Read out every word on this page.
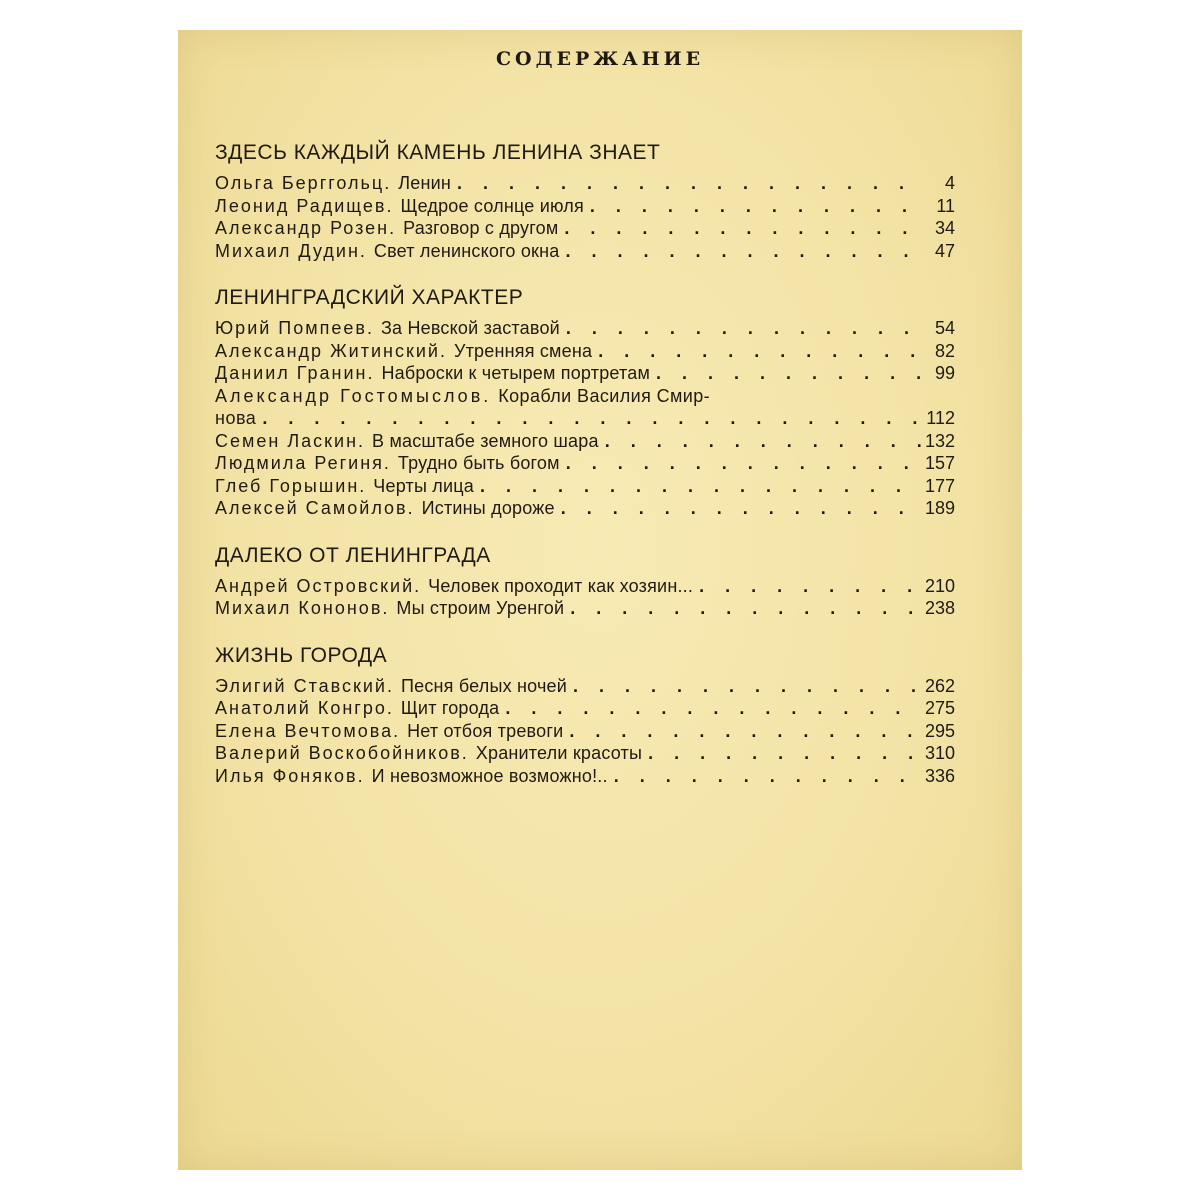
СОДЕРЖАНИЕ
ЗДЕСЬ КАЖДЫЙ КАМЕНЬ ЛЕНИНА ЗНАЕТ
Ольга Берггольц. Ленин . . .	4
Леонид Радищев. Щедрое солнце июля . . .	11
Александр Розен. Разговор с другом . . .	34
Михаил Дудин. Свет ленинского окна . . .	47
ЛЕНИНГРАДСКИЙ ХАРАКТЕР
Юрий Помпеев. За Невской заставой . . .	54
Александр Житинский. Утренняя смена . . .	82
Даниил Гранин. Наброски к четырем портретам . . .	99
Александр Гостомыслов. Корабли Василия Смир-
нова . . .	112
Семен Ласкин. В масштабе земного шара . . .	132
Людмила Региня. Трудно быть богом . . .	157
Глеб Горышин. Черты лица . . .	177
Алексей Самойлов. Истины дороже . . .	189
ДАЛЕКО ОТ ЛЕНИНГРАДА
Андрей Островский. Человек проходит как хозяин... . . .	210
Михаил Кононов. Мы строим Уренгой . . .	238
ЖИЗНЬ ГОРОДА
Элигий Ставский. Песня белых ночей . . .	262
Анатолий Конгро. Щит города . . .	275
Елена Вечтомова. Нет отбоя тревоги . . .	295
Валерий Воскобойников. Хранители красоты . . .	310
Илья Фоняков. И невозможное возможно!.. . . .	336
